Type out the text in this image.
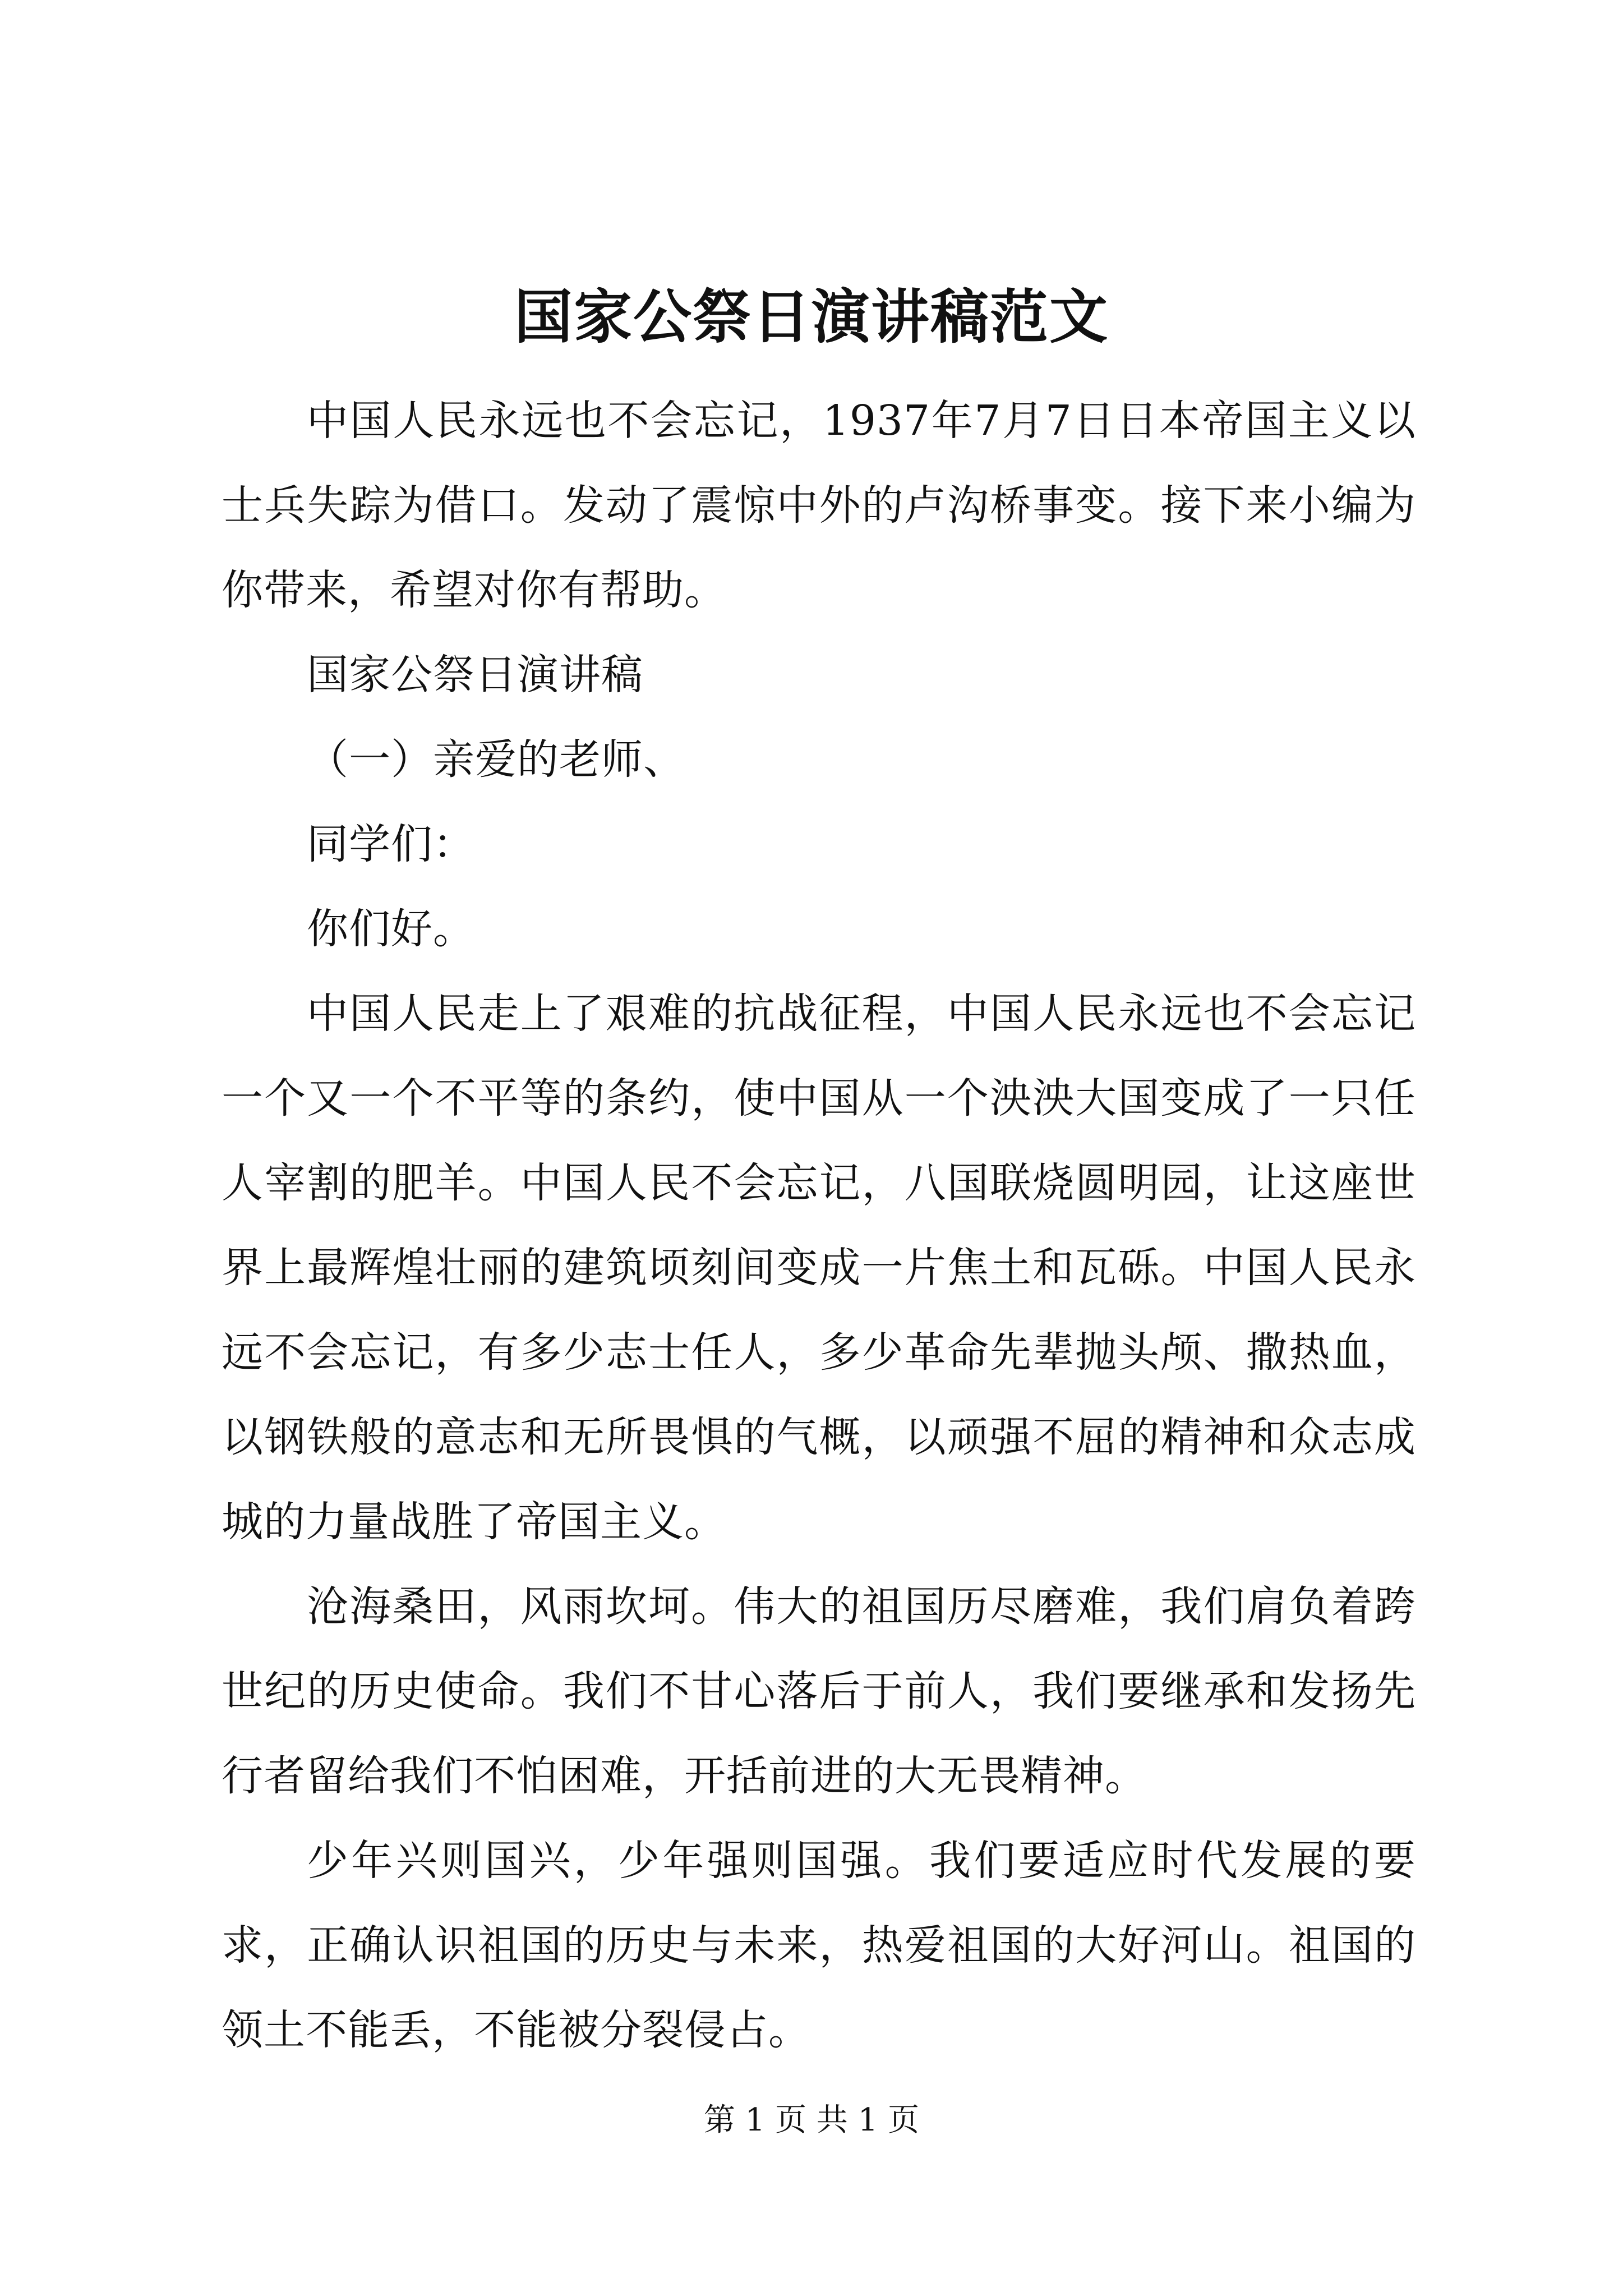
国家公祭日演讲稿范文

中国人民永远也不会忘记，1937年7月7日日本帝国主义以士兵失踪为借口。发动了震惊中外的卢沟桥事变。接下来小编为你带来，希望对你有帮助。

国家公祭日演讲稿

（一）亲爱的老师、

同学们：

你们好。

中国人民走上了艰难的抗战征程，中国人民永远也不会忘记一个又一个不平等的条约，使中国从一个泱泱大国变成了一只任人宰割的肥羊。中国人民不会忘记，八国联烧圆明园，让这座世界上最辉煌壮丽的建筑顷刻间变成一片焦土和瓦砾。中国人民永远不会忘记，有多少志士任人，多少革命先辈抛头颅、撒热血，以钢铁般的意志和无所畏惧的气概，以顽强不屈的精神和众志成城的力量战胜了帝国主义。

沧海桑田，风雨坎坷。伟大的祖国历尽磨难，我们肩负着跨世纪的历史使命。我们不甘心落后于前人，我们要继承和发扬先行者留给我们不怕困难，开括前进的大无畏精神。

少年兴则国兴，少年强则国强。我们要适应时代发展的要求，正确认识祖国的历史与未来，热爱祖国的大好河山。祖国的领土不能丢，不能被分裂侵占。

第 1 页 共 1 页
